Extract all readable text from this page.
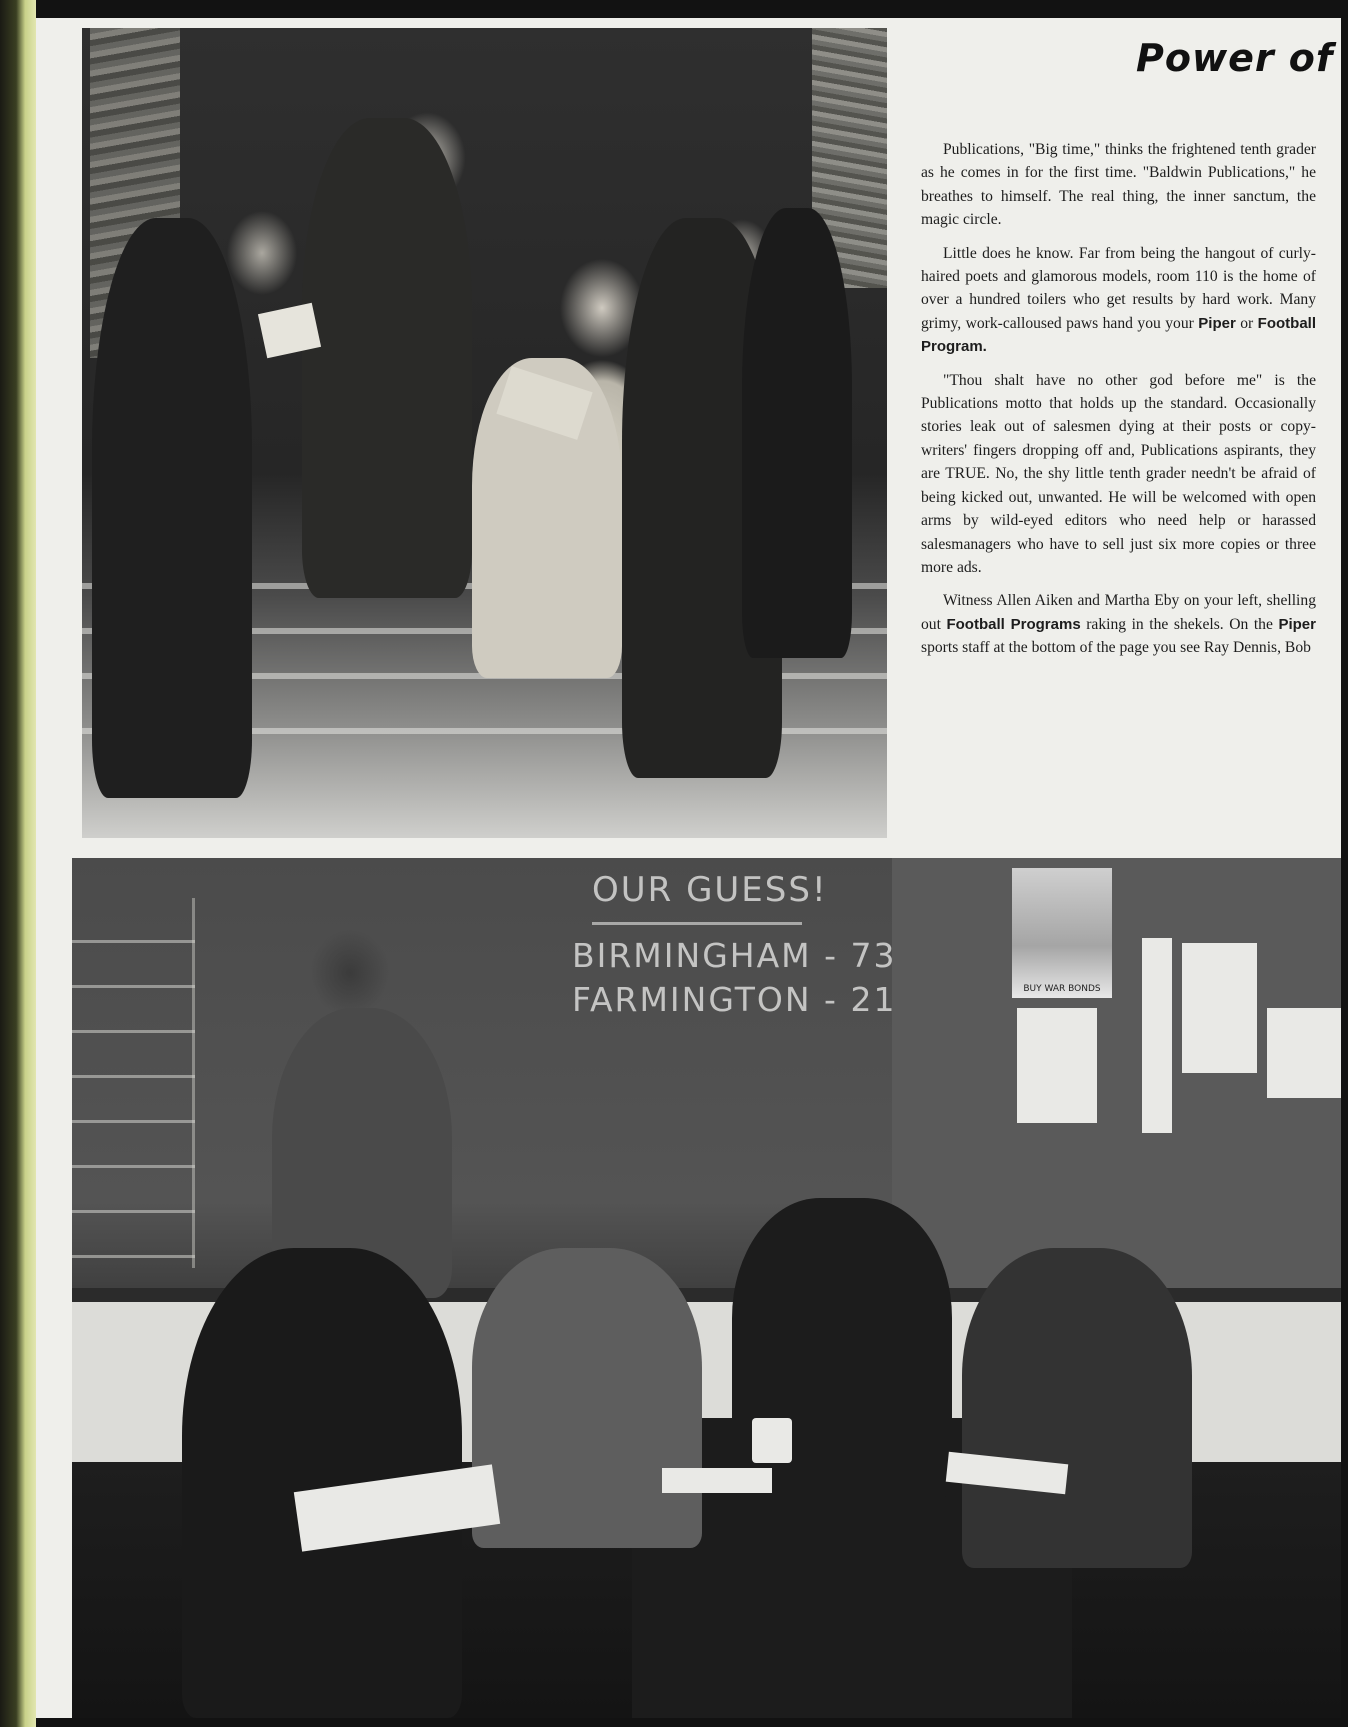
Power of

Publications, "Big time," thinks the frightened tenth grader as he comes in for the first time. "Baldwin Publications," he breathes to himself. The real thing, the inner sanctum, the magic circle.

Little does he know. Far from being the hangout of curly-haired poets and glamorous models, room 110 is the home of over a hundred toilers who get results by hard work. Many grimy, work-calloused paws hand you your Piper or Football Program.

"Thou shalt have no other god before me" is the Publications motto that holds up the standard. Occasionally stories leak out of salesmen dying at their posts or copy-writers' fingers dropping off and, Publications aspirants, they are TRUE. No, the shy little tenth grader needn't be afraid of being kicked out, unwanted. He will be welcomed with open arms by wild-eyed editors who need help or harassed salesmanagers who have to sell just six more copies or three more ads.

Witness Allen Aiken and Martha Eby on your left, shelling out Football Programs raking in the shekels. On the Piper sports staff at the bottom of the page you see Ray Dennis, Bob

OUR GUESS!
BIRMINGHAM - 73
FARMINGTON - 21	BUY WAR BONDS
